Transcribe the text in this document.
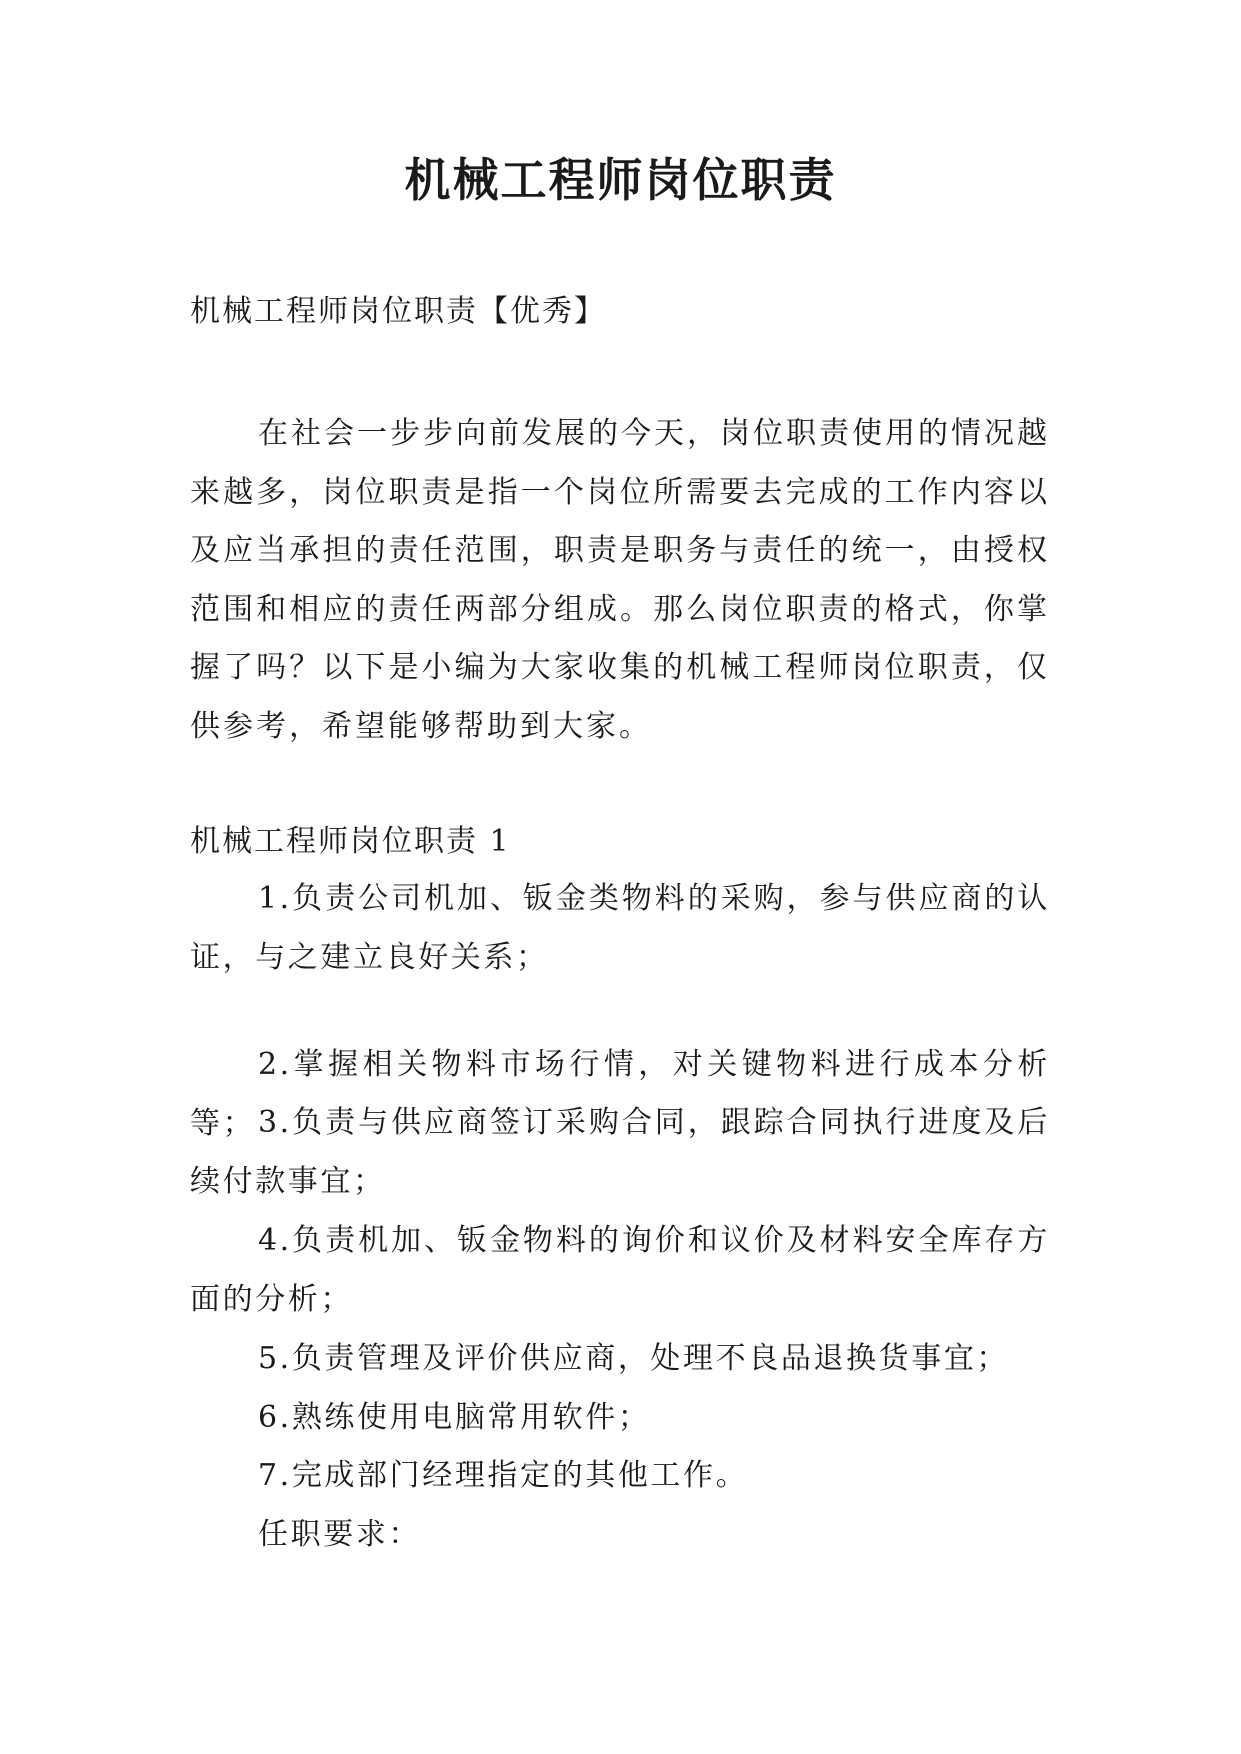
机械工程师岗位职责

机械工程师岗位职责【优秀】

在社会一步步向前发展的今天，岗位职责使用的情况越来越多，岗位职责是指一个岗位所需要去完成的工作内容以及应当承担的责任范围，职责是职务与责任的统一，由授权范围和相应的责任两部分组成。那么岗位职责的格式，你掌握了吗？以下是小编为大家收集的机械工程师岗位职责，仅供参考，希望能够帮助到大家。

机械工程师岗位职责 1

1.负责公司机加、钣金类物料的采购，参与供应商的认证，与之建立良好关系；
2.掌握相关物料市场行情，对关键物料进行成本分析等； 3.负责与供应商签订采购合同，跟踪合同执行进度及后续付款事宜；
4.负责机加、钣金物料的询价和议价及材料安全库存方面的分析；
5.负责管理及评价供应商，处理不良品退换货事宜；
6.熟练使用电脑常用软件；
7.完成部门经理指定的其他工作。

任职要求：
